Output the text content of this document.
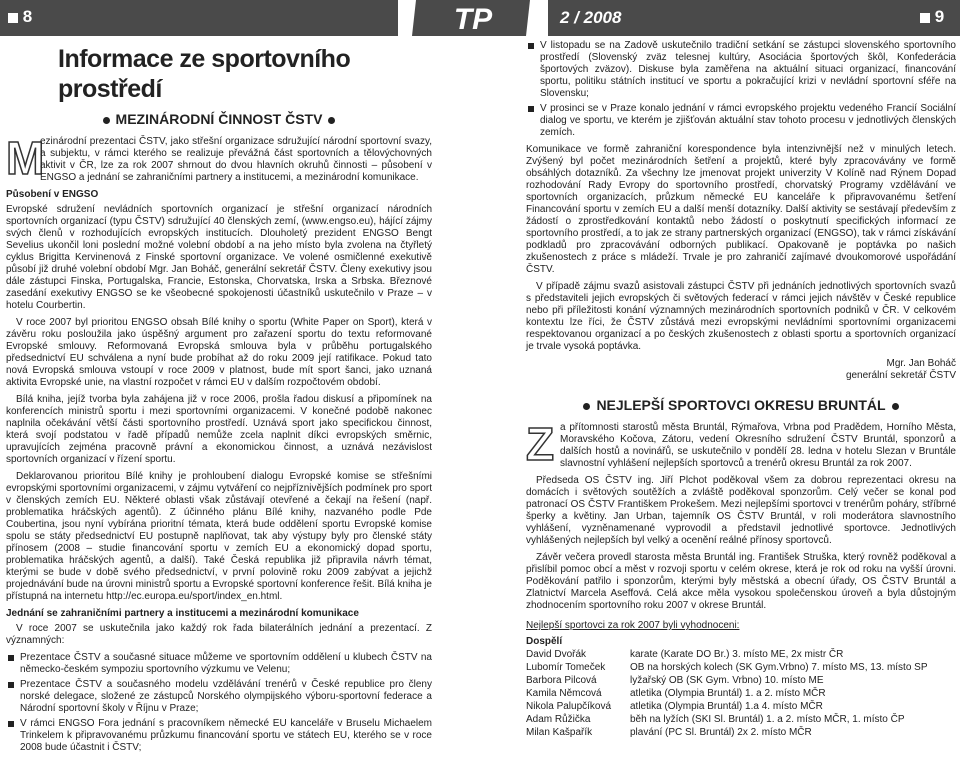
8	TP	2 / 2008	9
Informace ze sportovního prostředí
MEZINÁRODNÍ ČINNOST ČSTV
M

ezinárodní prezentaci ČSTV, jako střešní organizace sdružující národní sportovní svazy, a subjektu, v rámci kterého se realizuje převážná část sportovních a tělovýchovných aktivit v ČR, lze za rok 2007 shrnout do dvou hlavních okruhů činnosti – působení v ENGSO a jednání se zahraničními partnery a institucemi, a mezinárodní komunikace.

Působení v ENGSO

Evropské sdružení nevládních sportovních organizací je střešní organizací národních sportovních organizací (typu ČSTV) sdružující 40 členských zemí, (www.engso.eu), hájící zájmy svých členů v rozhodujících evropských institucích. Dlouholetý prezident ENGSO Bengt Sevelius ukončil loni poslední možné volební období a na jeho místo byla zvolena na čtyřletý cyklus Brigitta Kervinenová z Finské sportovní organizace. Ve volené osmičlenné exekutivě působí již druhé volební období Mgr. Jan Boháč, generální sekretář ČSTV. Členy exekutivy jsou dále zástupci Finska, Portugalska, Francie, Estonska, Chorvatska, Irska a Srbska. Březnové zasedání exekutivy ENGSO se ke všeobecné spokojenosti účastníků uskutečnilo v Praze – v hotelu Courbertin.

V roce 2007 byl prioritou ENGSO obsah Bílé knihy o sportu (White Paper on Sport), která v závěru roku posloužila jako úspěšný argument pro zařazení sportu do textu reformované Evropské smlouvy. Reformovaná Evropská smlouva byla v průběhu portugalského předsednictví EU schválena a nyní bude probíhat až do roku 2009 její ratifikace. Pokud tato nová Evropská smlouva vstoupí v roce 2009 v platnost, bude mít sport šanci, jako uznaná aktivita Evropské unie, na vlastní rozpočet v rámci EU v dalším rozpočtovém období.

Bílá kniha, jejíž tvorba byla zahájena již v roce 2006, prošla řadou diskusí a připomínek na konferencích ministrů sportu i mezi sportovními organizacemi. V konečné podobě nakonec naplnila očekávání větší části sportovního prostředí. Uznává sport jako specifickou činnost, která svojí podstatou v řadě případů nemůže zcela naplnit díkci evropských směrnic, upravujících zejména pracovně právní a ekonomickou činnost, a uznává nezávislost sportovních organizací v řízení sportu.

Deklarovanou prioritou Bílé knihy je prohloubení dialogu Evropské komise se střešními evropskými sportovními organizacemi, v zájmu vytváření co nejpříznivějších podmínek pro sport v členských zemích EU. Některé oblasti však zůstávají otevřené a čekají na řešení (např. problematika hráčských agentů). Z účinného plánu Bílé knihy, nazvaného podle Pde Coubertina, jsou nyní vybírána prioritní témata, která bude oddělení sportu Evropské komise spolu se státy předsednictví EU postupně naplňovat, tak aby výstupy byly pro členské státy přínosem (2008 – studie financování sportu v zemích EU a ekonomický dopad sportu, problematika hráčských agentů, a další). Také Česká republika již připravila návrh témat, kterými se bude v době svého předsednictví, v první polovině roku 2009 zabývat a jejichž projednávání bude na úrovni ministrů sportu a Evropské sportovní konference řešit. Bílá kniha je přístupná na internetu http://ec.europa.eu/sport/index_en.html.

Jednání se zahraničními partnery a institucemi a mezinárodní komunikace

V roce 2007 se uskutečnila jako každý rok řada bilaterálních jednání a prezentací. Z významných:

Prezentace ČSTV a současné situace můžeme ve sportovním oddělení u klubech ČSTV na německo-českém sympoziu sportovního výzkumu ve Velenu;
Prezentace ČSTV a současného modelu vzdělávání trenérů v České republice pro členy norské delegace, složené ze zástupců Norského olympijského výboru-sportovní federace a Národní sportovní školy v Říjnu v Praze;
V rámci ENGSO Fora jednání s pracovníkem německé EU kanceláře v Bruselu Michaelem Trinkelem k připravovanému průzkumu financování sportu ve státech EU, kterého se v roce 2008 bude účastnit i ČSTV;
V listopadu se na Zadově uskutečnilo tradiční setkání se zástupci slovenského sportovního prostředí (Slovenský zväz telesnej kultúry, Asociácia športových škôl, Konfederácia športových zväzov). Diskuse byla zaměřena na aktuální situaci organizací, financování sportu, politiku státních institucí ve sportu a pokračující krizi v nevládní sportovní sféře na Slovensku;
V prosinci se v Praze konalo jednání v rámci evropského projektu vedeného Francií Sociální dialog ve sportu, ve kterém je zjišťován aktuální stav tohoto procesu v jednotlivých členských zemích.

Komunikace ve formě zahraniční korespondence byla intenzivnější než v minulých letech. Zvýšený byl počet mezinárodních šetření a projektů, které byly zpracovávány ve formě obsáhlých dotazníků. Za všechny lze jmenovat projekt univerzity V Kolíně nad Rýnem Dopad rozhodování Rady Evropy do sportovního prostředí, chorvatský Programy vzdělávání ve sportovních organizacích, průzkum německé EU kanceláře k připravovanému šetření Financování sportu v zemích EU a další menší dotazníky. Další aktivity se sestávají především z žádostí o zprostředkování kontaktů nebo žádostí o poskytnutí specifických informací ze sportovního prostředí, a to jak ze strany partnerských organizací (ENGSO), tak v rámci získávání podkladů pro zpracovávání odborných publikací. Opakovaně je poptávka po našich zkušenostech z práce s mládeží. Trvale je pro zahraničí zajímavé dvoukomorové uspořádání ČSTV.

V případě zájmu svazů asistovali zástupci ČSTV při jednáních jednotlivých sportovních svazů s představiteli jejich evropských či světových federací v rámci jejich návštěv v České republice nebo při příležitosti konání významných mezinárodních sportovních podniků v ČR. V celkovém kontextu lze říci, že ČSTV zůstává mezi evropskými nevládními sportovními organizacemi respektovanou organizací a po českých zkušenostech z oblasti sportu a sportovních organizací je trvale vysoká poptávka.

Mgr. Jan Boháč
generální sekretář ČSTV
NEJLEPŠÍ SPORTOVCI OKRESU BRUNTÁL
Z a přítomnosti starostů města Bruntál, Rýmařova, Vrbna pod Pradědem, Horního Města, Moravského Kočova, Zátoru, vedení Okresního sdružení ČSTV Bruntál, sponzorů a dalších hostů a novinářů, se uskutečnilo v pondělí 28. ledna v hotelu Slezan v Bruntále slavnostní vyhlášení nejlepších sportovců a trenérů okresu Bruntál za rok 2007.

Předseda OS ČSTV ing. Jiří Plchot poděkoval všem za dobrou reprezentaci okresu na domácích i světových soutěžích a zvláště poděkoval sponzorům. Celý večer se konal pod patronací OS ČSTV Františkem Prokešem. Mezi nejlepšími sportovci v trenérům poháry, stříbrné šperky a květiny. Jan Urban, tajemník OS ČSTV Bruntál, v roli moderátora slavnostního vyhlášení, vyzněnamenané vyprovodil a představil jednotlivé sportovce. Jednotlivých vyhlášených nejlepších byl velký a ocenění reálné přínosy sportovců.

Závěr večera provedl starosta města Bruntál ing. František Struška, který rovněž poděkoval a přislíbil pomoc obcí a měst v rozvoji sportu v celém okrese, která je rok od roku na vyšší úrovni. Poděkování patřilo i sponzorům, kterými byly městská a obecní úřady, OS ČSTV Bruntál a Zlatnictví Marcela Aseffová. Celá akce měla vysokou společenskou úroveň a byla důstojným zhodnocením sportovního roku 2007 v okrese Bruntál.

Nejlepší sportovci za rok 2007 byli vyhodnoceni:
Dospělí
David Dvořák	karate (Karate DO Br.) 3. místo ME, 2x mistr ČR
Lubomír Tomeček	OB na horských kolech (SK Gym.Vrbno) 7. místo MS, 13. místo SP
Barbora Pilcová	lyžařský OB (SK Gym. Vrbno) 10. místo ME
Kamila Němcová	atletika (Olympia Bruntál) 1. a 2. místo MČR
Nikola Palupčíková	atletika (Olympia Bruntál) 1.a 4. místo MČR
Adam Růžička	běh na lyžích (SKI Sl. Bruntál) 1. a 2. místo MČR, 1. místo ČP
Milan Kašpařík	plavání (PC Sl. Bruntál) 2x 2. místo MČR
